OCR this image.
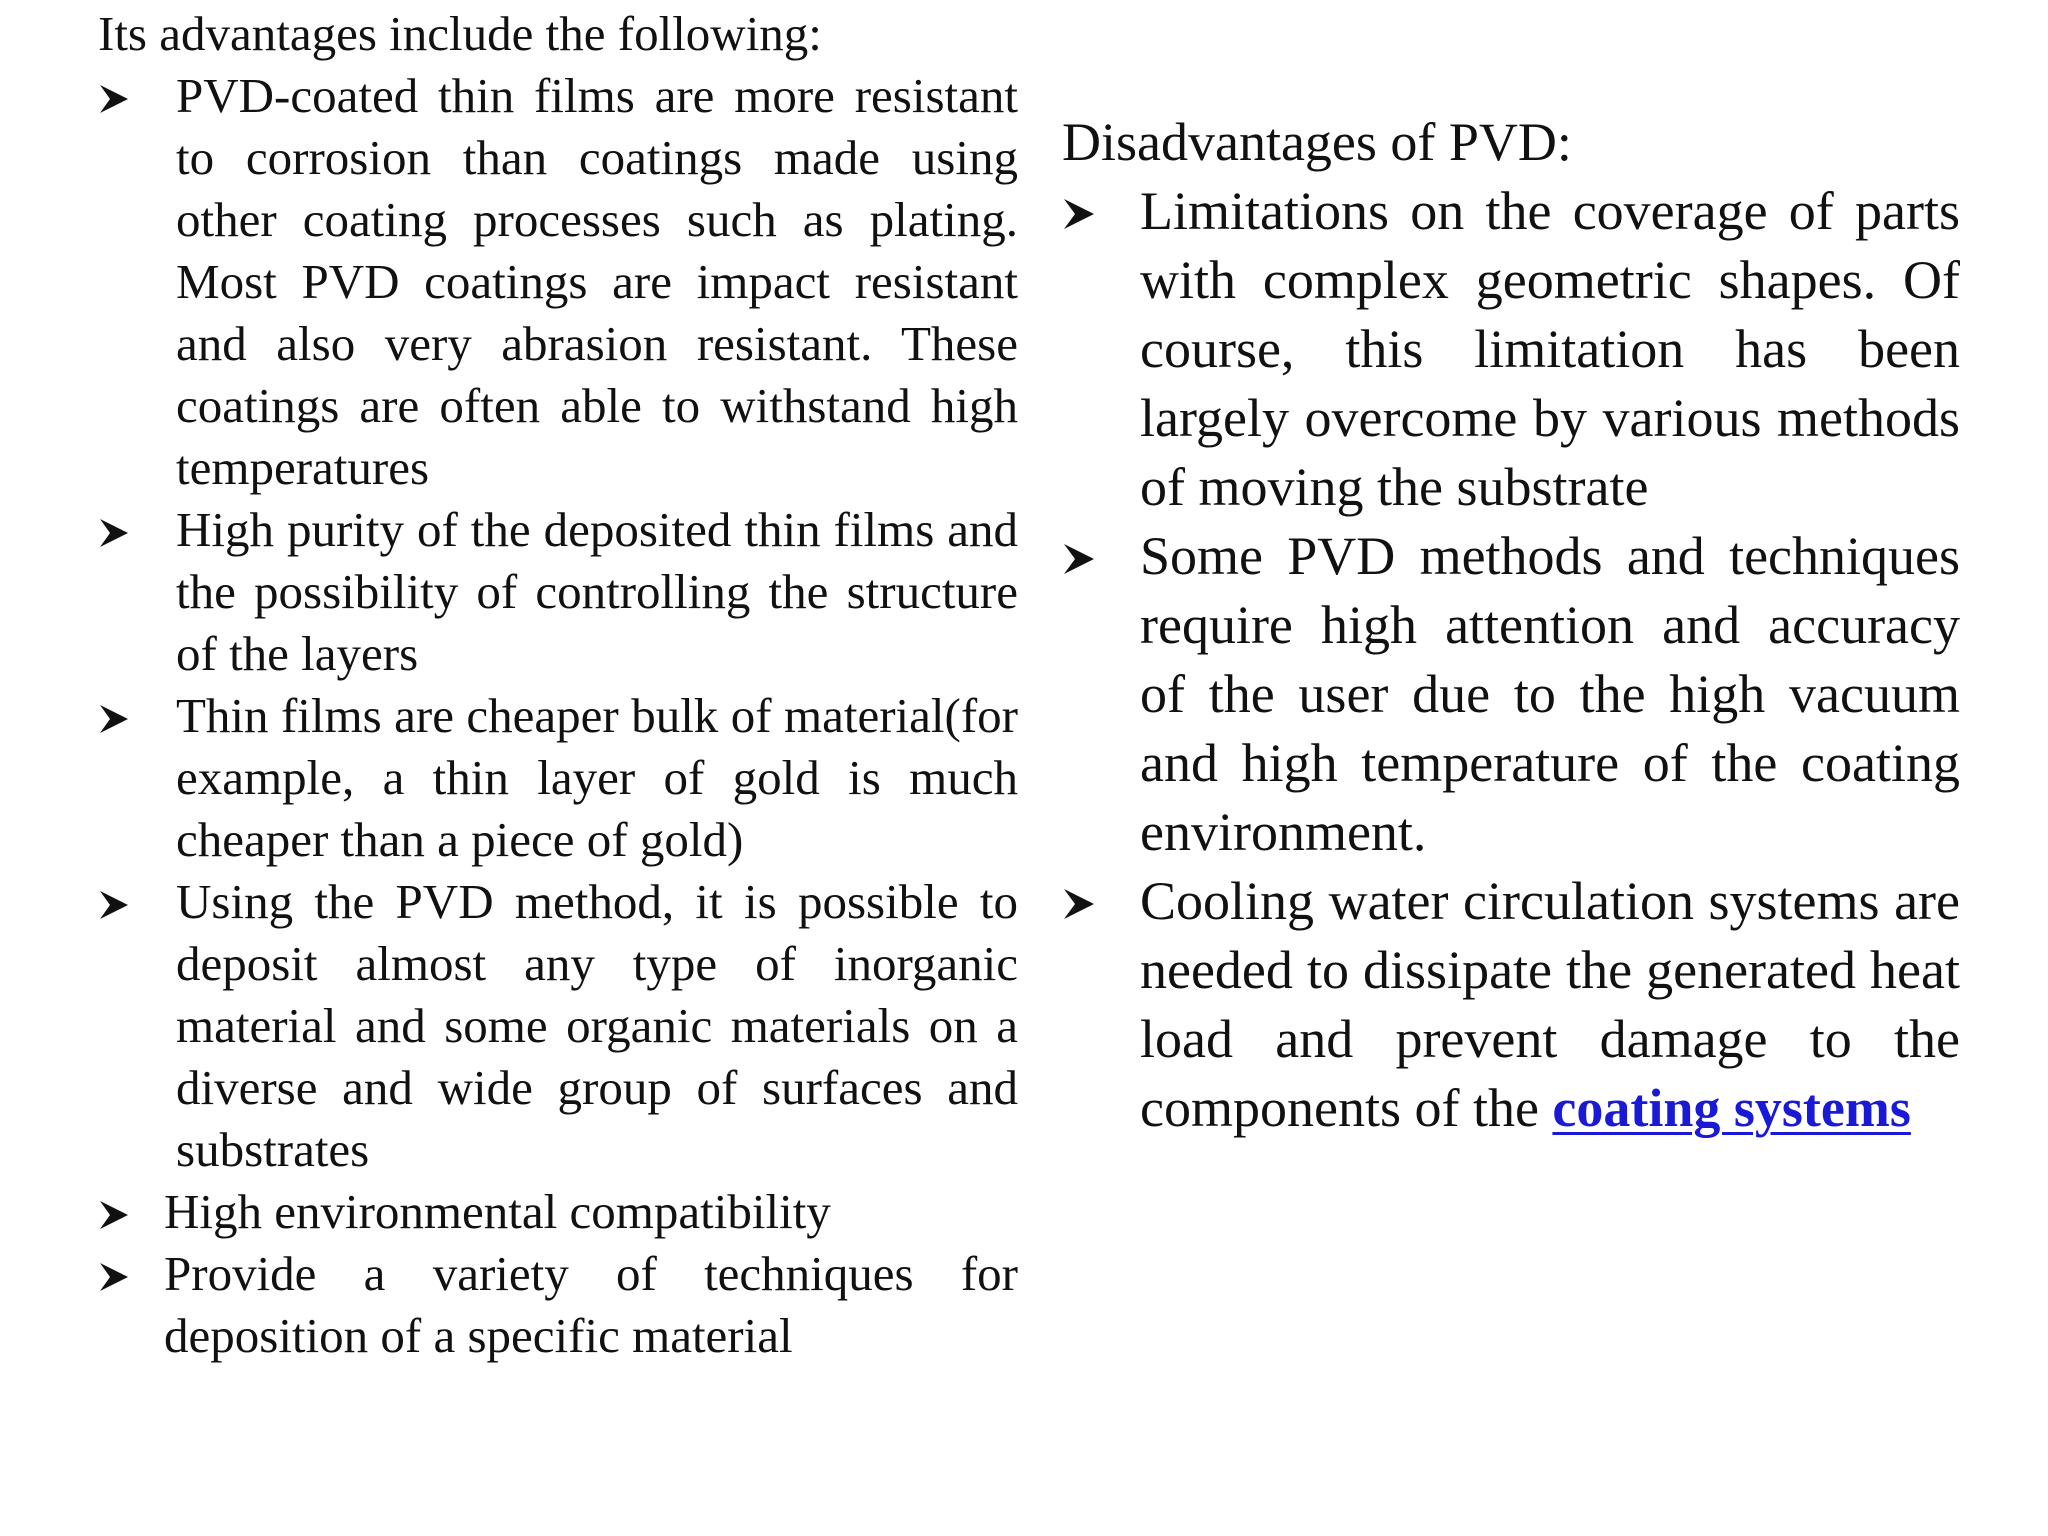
Its advantages include the following:

PVD-coated thin films are more resistant to corrosion than coatings made using other coating processes such as plating. Most PVD coatings are impact resistant and also very abrasion resistant. These coatings are often able to withstand high temperatures
High purity of the deposited thin films and the possibility of controlling the structure of the layers
Thin films are cheaper bulk of material(for example, a thin layer of gold is much cheaper than a piece of gold)
Using the PVD method, it is possible to deposit almost any type of inorganic material and some organic materials on a diverse and wide group of surfaces and substrates
High environmental compatibility
Provide a variety of techniques for deposition of a specific material

Disadvantages of PVD:

Limitations on the coverage of parts with complex geometric shapes. Of course, this limitation has been largely overcome by various methods of moving the substrate
Some PVD methods and techniques require high attention and accuracy of the user due to the high vacuum and high temperature of the coating environment.
Cooling water circulation systems are needed to dissipate the generated heat load and prevent damage to the components of the coating systems
